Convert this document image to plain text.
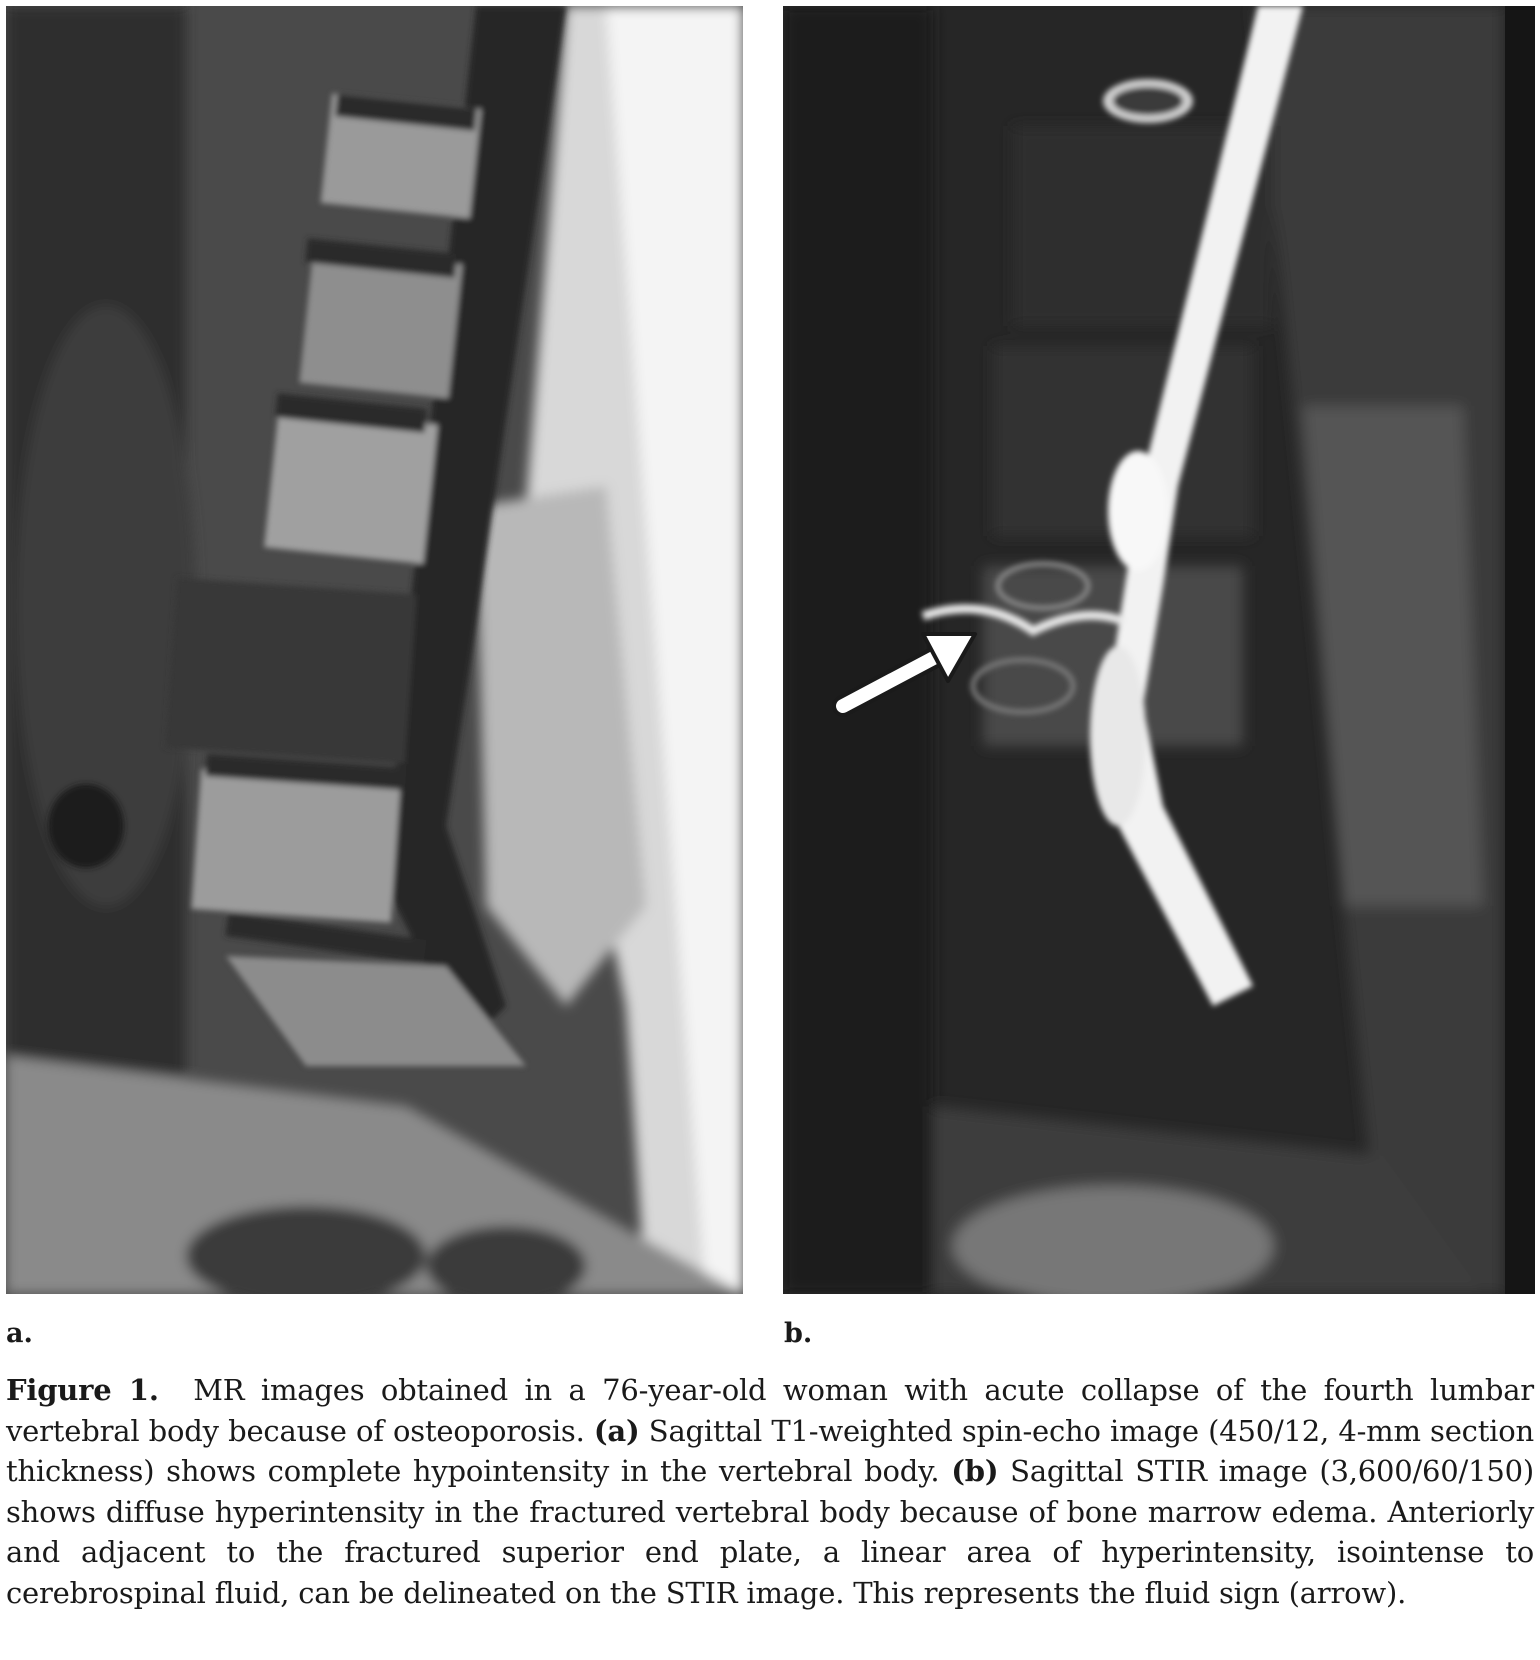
a.	b.
Figure 1. MR images obtained in a 76-year-old woman with acute collapse of the fourth lumbar vertebral body because of osteoporosis. (a) Sagittal T1-weighted spin-echo image (450/12, 4-mm section thickness) shows complete hypointensity in the vertebral body. (b) Sagittal STIR image (3,600/60/150) shows diffuse hyperintensity in the fractured vertebral body because of bone marrow edema. Anteriorly and adjacent to the fractured superior end plate, a linear area of hyperintensity, isointense to cerebrospinal fluid, can be delineated on the STIR image. This represents the fluid sign (arrow).
